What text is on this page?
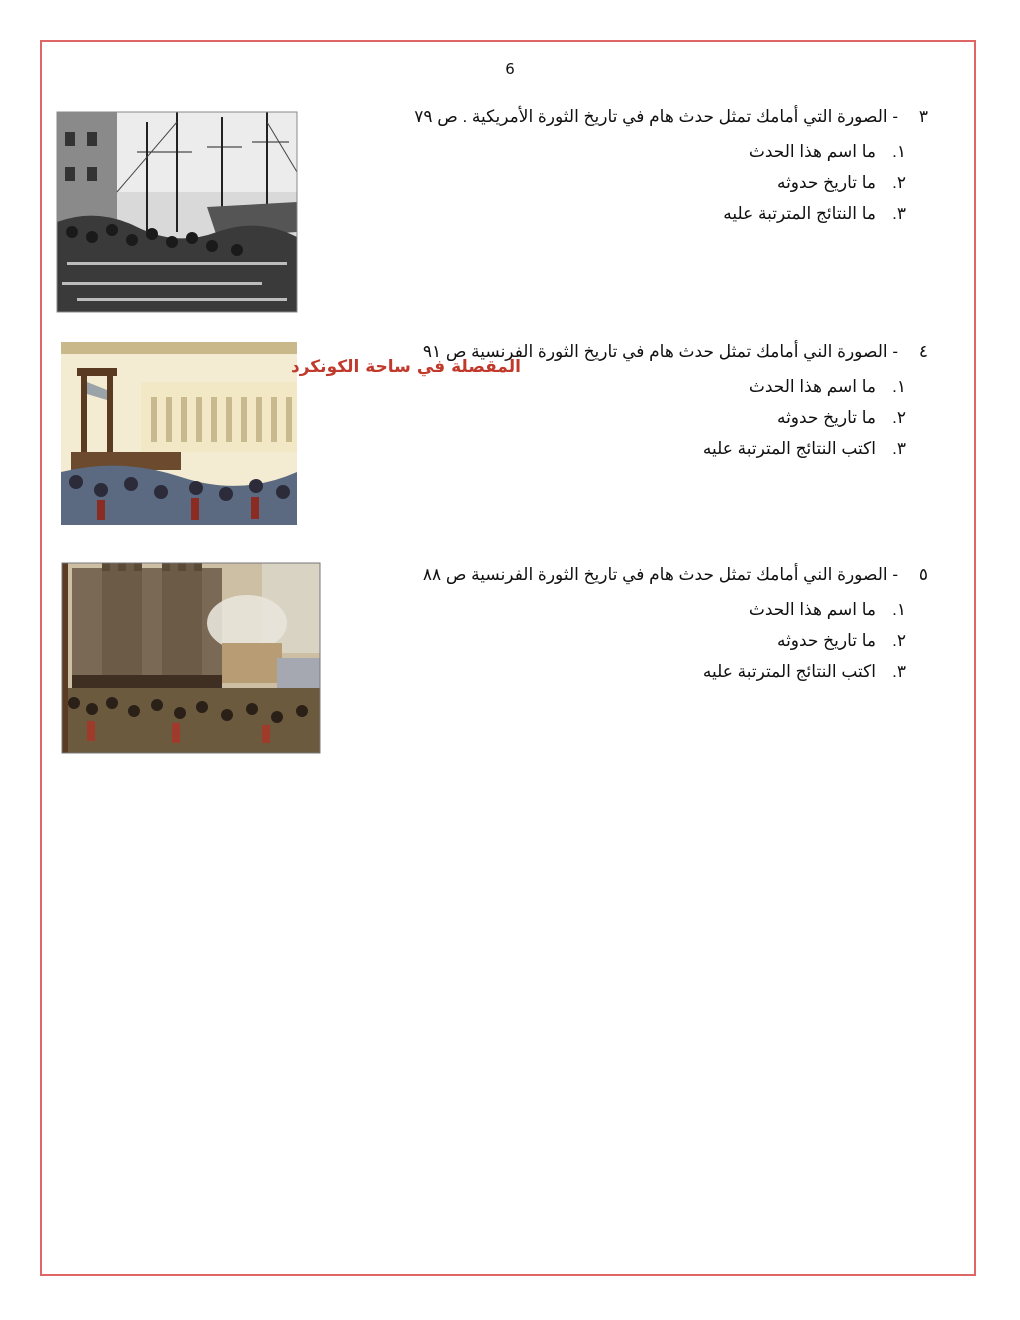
6
٣- الصورة التي أمامك تمثل حدث هام في تاريخ الثورة الأمريكية . ص ٧٩
١.ما اسم هذا الحدث
٢.ما تاريخ حدوثه
٣.ما النتائج المترتبة عليه
٤- الصورة الني أمامك تمثل حدث هام في تاريخ الثورة الفرنسية ص ٩١
١.ما اسم هذا الحدث
٢.ما تاريخ حدوثه
٣.اكتب النتائج المترتبة عليه
المقصلة في ساحة الكونكرد
٥- الصورة الني أمامك تمثل حدث هام في تاريخ الثورة الفرنسية ص ٨٨
١.ما اسم هذا الحدث
٢.ما تاريخ حدوثه
٣.اكتب النتائج المترتبة عليه
